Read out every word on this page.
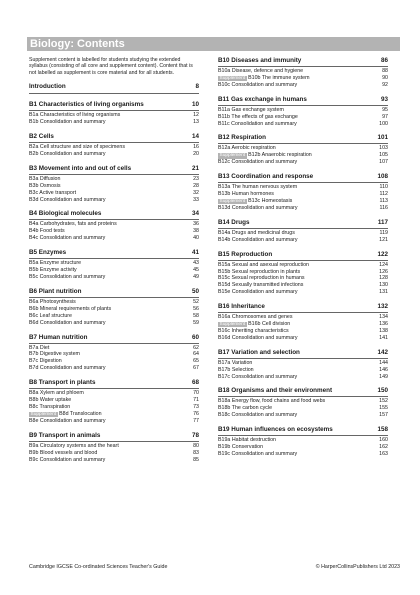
Biology: Contents
Supplement content is labelled for students studying the extended syllabus (consisting of all core and supplement content). Content that is not labelled as supplement is core material and for all students.
Introduction	8
B1 Characteristics of living organisms	10
B1a Characteristics of living organisms	12
B1b Consolidation and summary	13
B2 Cells	14
B2a Cell structure and size of specimens	16
B2b Consolidation and summary	20
B3 Movement into and out of cells	21
B3a Diffusion	23
B3b Osmosis	28
B3c Active transport	32
B3d Consolidation and summary	33
B4 Biological molecules	34
B4a Carbohydrates, fats and proteins	36
B4b Food tests	38
B4c Consolidation and summary	40
B5 Enzymes	41
B5a Enzyme structure	43
B5b Enzyme activity	45
B5c Consolidation and summary	49
B6 Plant nutrition	50
B6a Photosynthesis	52
B6b Mineral requirements of plants	56
B6c Leaf structure	58
B6d Consolidation and summary	59
B7 Human nutrition	60
B7a Diet	62
B7b Digestive system	64
B7c Digestion	65
B7d Consolidation and summary	67
B8 Transport in plants	68
B8a Xylem and phloem	70
B8b Water uptake	71
B8c Transpiration	73
Supplement B8d Translocation	76
B8e Consolidation and summary	77
B9 Transport in animals	78
B9a Circulatory systems and the heart	80
B9b Blood vessels and blood	83
B9c Consolidation and summary	85
B10 Diseases and immunity	86
B10a Disease, defence and hygiene	88
Supplement B10b The immune system	90
B10c Consolidation and summary	92
B11 Gas exchange in humans	93
B11a Gas exchange system	95
B11b The effects of gas exchange	97
B11c Consolidation and summary	100
B12 Respiration	101
B12a Aerobic respiration	103
Supplement B12b Anaerobic respiration	105
B12c Consolidation and summary	107
B13 Coordination and response	108
B13a The human nervous system	110
B13b Human hormones	112
Supplement B13c Homeostasis	113
B13d Consolidation and summary	116
B14 Drugs	117
B14a Drugs and medicinal drugs	119
B14b Consolidation and summary	121
B15 Reproduction	122
B15a Sexual and asexual reproduction	124
B15b Sexual reproduction in plants	126
B15c Sexual reproduction in humans	128
B15d Sexually transmitted infections	130
B15e Consolidation and summary	131
B16 Inheritance	132
B16a Chromosomes and genes	134
Supplement B16b Cell division	136
B16c Inheriting characteristics	138
B16d Consolidation and summary	141
B17 Variation and selection	142
B17a Variation	144
B17b Selection	146
B17c Consolidation and summary	149
B18 Organisms and their environment	150
B18a Energy flow, food chains and food webs	152
B18b The carbon cycle	155
B18c Consolidation and summary	157
B19 Human influences on ecosystems	158
B19a Habitat destruction	160
B19b Conservation	162
B19c Consolidation and summary	163
Cambridge IGCSE Co-ordinated Sciences Teacher's Guide	© HarperCollinsPublishers Ltd 2023
